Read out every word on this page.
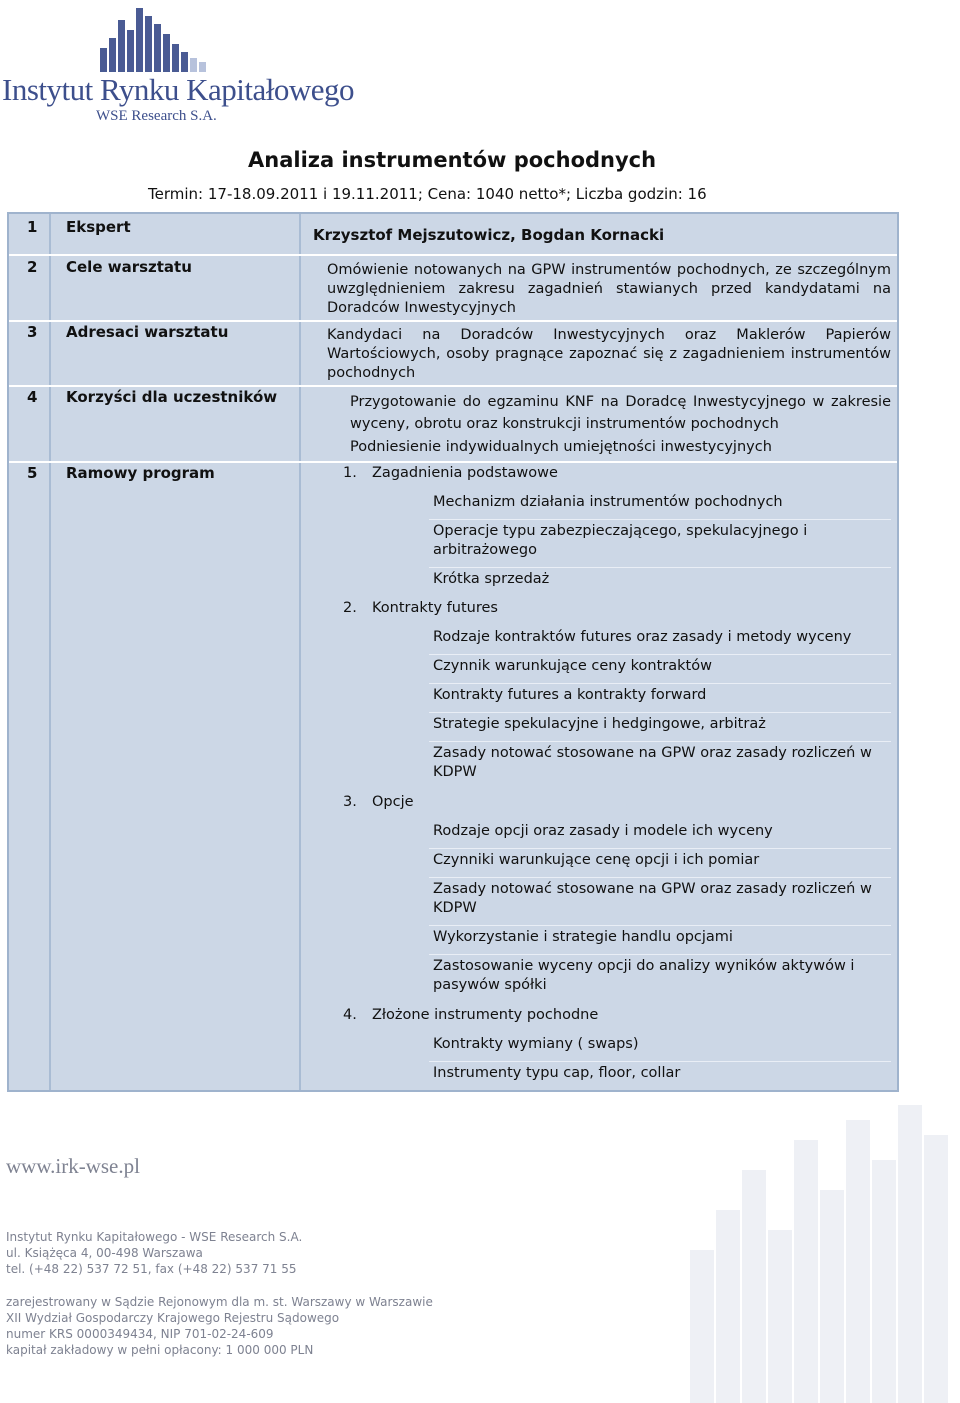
Instytut Rynku Kapitałowego
WSE Research S.A.
Analiza instrumentów pochodnych
Termin: 17-18.09.2011 i 19.11.2011; Cena: 1040 netto*; Liczba godzin: 16
1 Ekspert	Krzysztof Mejszutowicz, Bogdan Kornacki
2 Cele warsztatu	Omówienie notowanych na GPW instrumentów pochodnych, ze szczególnym uwzględnieniem zakresu zagadnień stawianych przed kandydatami na Doradców Inwestycyjnych
3 Adresaci warsztatu	Kandydaci na Doradców Inwestycyjnych oraz Maklerów Papierów Wartościowych, osoby pragnące zapoznać się z zagadnieniem instrumentów pochodnych
4 Korzyści dla uczestników	Przygotowanie do egzaminu KNF na Doradcę Inwestycyjnego w zakresie wyceny, obrotu oraz konstrukcji instrumentów pochodnych
Podniesienie indywidualnych umiejętności inwestycyjnych
5 Ramowy program	1. Zagadnienia podstawowe
Mechanizm działania instrumentów pochodnych
Operacje typu zabezpieczającego, spekulacyjnego i arbitrażowego
Krótka sprzedaż
2. Kontrakty futures
Rodzaje kontraktów futures oraz zasady i metody wyceny
Czynnik warunkujące ceny kontraktów
Kontrakty futures a kontrakty forward
Strategie spekulacyjne i hedgingowe, arbitraż
Zasady notować stosowane na GPW oraz zasady rozliczeń w KDPW
3. Opcje
Rodzaje opcji oraz zasady i modele ich wyceny
Czynniki warunkujące cenę opcji i ich pomiar
Zasady notować stosowane na GPW oraz zasady rozliczeń w KDPW
Wykorzystanie i strategie handlu opcjami
Zastosowanie wyceny opcji do analizy wyników aktywów i pasywów spółki
4. Złożone instrumenty pochodne
Kontrakty wymiany ( swaps)
Instrumenty typu cap, floor, collar
www.irk-wse.pl
Instytut Rynku Kapitałowego - WSE Research S.A.
ul. Książęca 4, 00-498 Warszawa
tel. (+48 22) 537 72 51, fax (+48 22) 537 71 55
zarejestrowany w Sądzie Rejonowym dla m. st. Warszawy w Warszawie
XII Wydział Gospodarczy Krajowego Rejestru Sądowego
numer KRS 0000349434, NIP 701-02-24-609
kapitał zakładowy w pełni opłacony: 1 000 000 PLN
